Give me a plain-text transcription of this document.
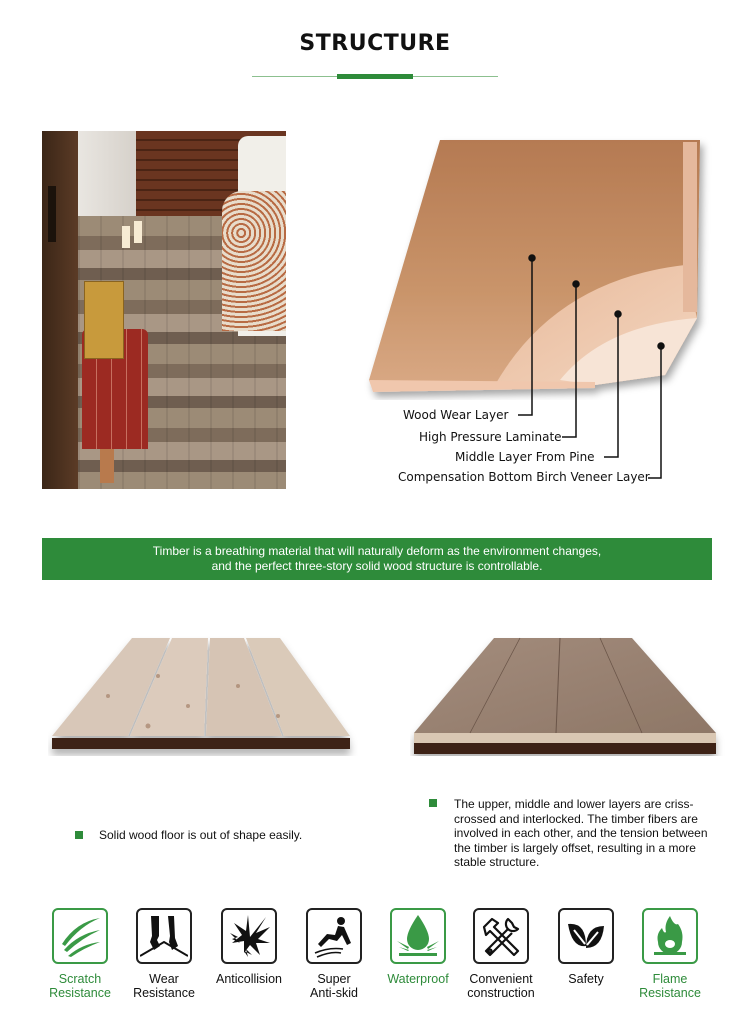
STRUCTURE
Wood Wear Layer
High Pressure Laminate
Middle Layer From Pine
Compensation Bottom Birch Veneer Layer
Timber is a breathing material that will naturally deform as the environment changes,
and the perfect three-story solid wood structure is controllable.
Solid wood floor is out of shape easily.
The upper, middle and lower layers are criss-crossed and interlocked. The timber fibers are involved in each other, and the tension between the timber is largely offset, resulting in a more stable structure.
Scratch
Resistance
Wear
Resistance
Anticollision	Super
Anti-skid
Waterproof	Convenient
construction
Safety	Flame
Resistance
